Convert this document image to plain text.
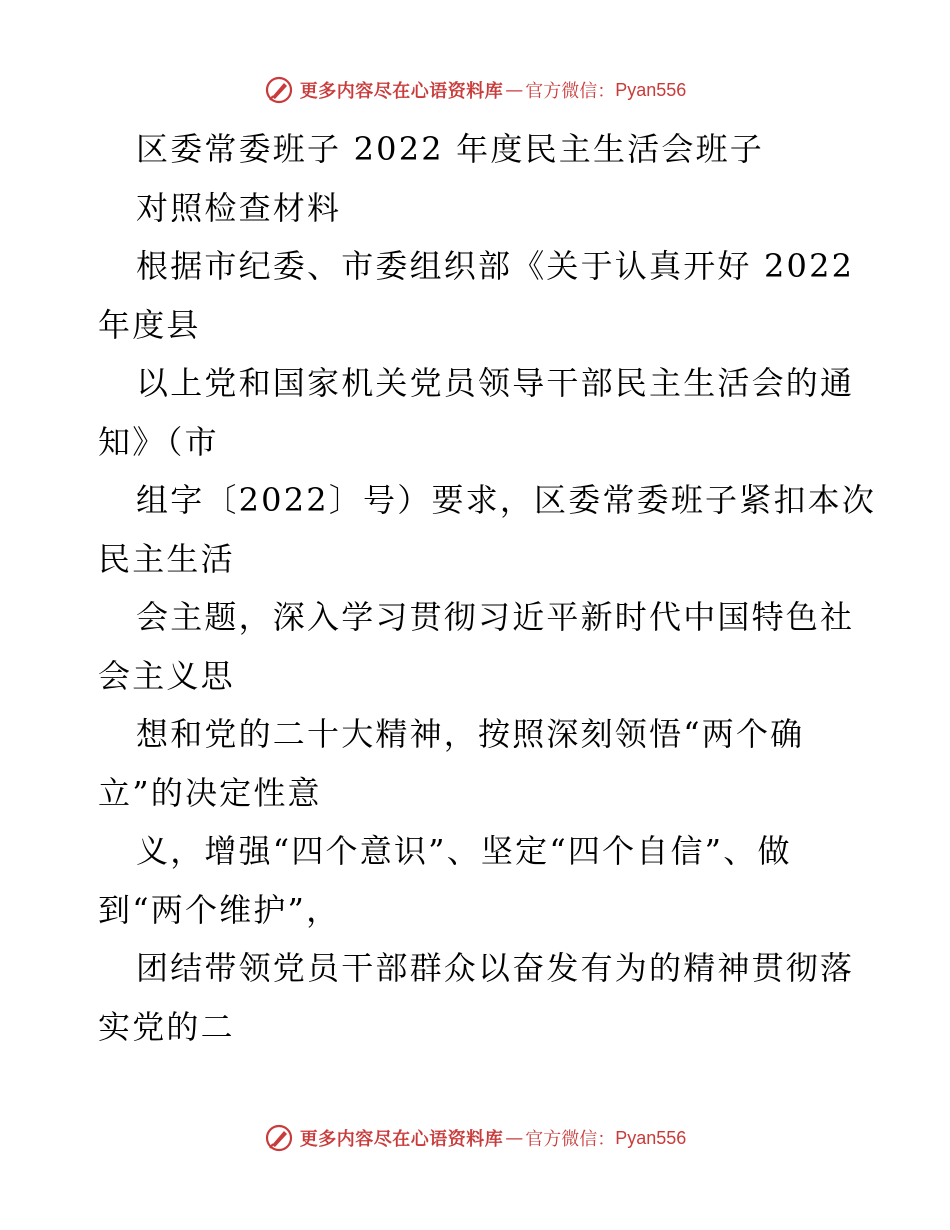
更多内容尽在心语资料库 — 官方微信： Pyan556
区委常委班子 2022 年度民主生活会班子
对照检查材料
根据市纪委、市委组织部《关于认真开好 2022
年度县
以上党和国家机关党员领导干部民主生活会的通
知》（市
组字〔2022〕号）要求，区委常委班子紧扣本次
民主生活
会主题，深入学习贯彻习近平新时代中国特色社
会主义思
想和党的二十大精神，按照深刻领悟“两个确
立”的决定性意
义，增强“四个意识”、坚定“四个自信”、做
到“两个维护”，
团结带领党员干部群众以奋发有为的精神贯彻落
实党的二
更多内容尽在心语资料库 — 官方微信： Pyan556
